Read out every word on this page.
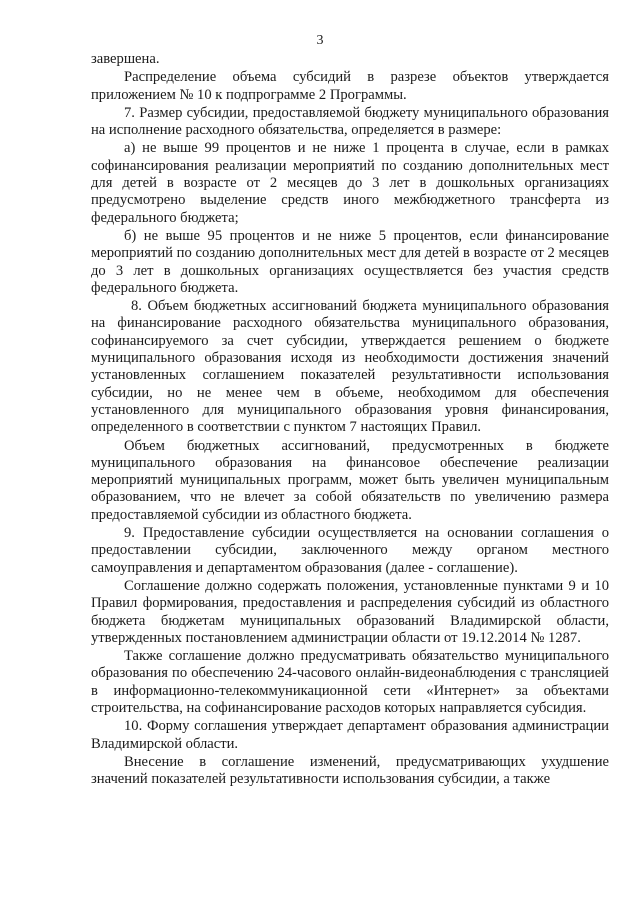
3

завершена.

Распределение объема субсидий в разрезе объектов утверждается приложением № 10 к подпрограмме 2 Программы.

7. Размер субсидии, предоставляемой бюджету муниципального образования на исполнение расходного обязательства, определяется в размере:

а) не выше 99 процентов и не ниже 1 процента в случае, если в рамках софинансирования реализации мероприятий по созданию дополнительных мест для детей в возрасте от 2 месяцев до 3 лет в дошкольных организациях предусмотрено выделение средств иного межбюджетного трансферта из федерального бюджета;

б) не выше 95 процентов и не ниже 5 процентов, если финансирование мероприятий по созданию дополнительных мест для детей в возрасте от 2 месяцев до 3 лет в дошкольных организациях осуществляется без участия средств федерального бюджета.

8. Объем бюджетных ассигнований бюджета муниципального образования на финансирование расходного обязательства муниципального образования, софинансируемого за счет субсидии, утверждается решением о бюджете муниципального образования исходя из необходимости достижения значений установленных соглашением показателей результативности использования субсидии, но не менее чем в объеме, необходимом для обеспечения установленного для муниципального образования уровня финансирования, определенного в соответствии с пунктом 7 настоящих Правил.

Объем бюджетных ассигнований, предусмотренных в бюджете муниципального образования на финансовое обеспечение реализации мероприятий муниципальных программ, может быть увеличен муниципальным образованием, что не влечет за собой обязательств по увеличению размера предоставляемой субсидии из областного бюджета.

9. Предоставление субсидии осуществляется на основании соглашения о предоставлении субсидии, заключенного между органом местного самоуправления и департаментом образования (далее - соглашение).

Соглашение должно содержать положения, установленные пунктами 9 и 10 Правил формирования, предоставления и распределения субсидий из областного бюджета бюджетам муниципальных образований Владимирской области, утвержденных постановлением администрации области от 19.12.2014 № 1287.

Также соглашение должно предусматривать обязательство муниципального образования по обеспечению 24-часового онлайн-видеонаблюдения с трансляцией в информационно-телекоммуникационной сети «Интернет» за объектами строительства, на софинансирование расходов которых направляется субсидия.

10. Форму соглашения утверждает департамент образования администрации Владимирской области.

Внесение в соглашение изменений, предусматривающих ухудшение значений показателей результативности использования субсидии, а также
